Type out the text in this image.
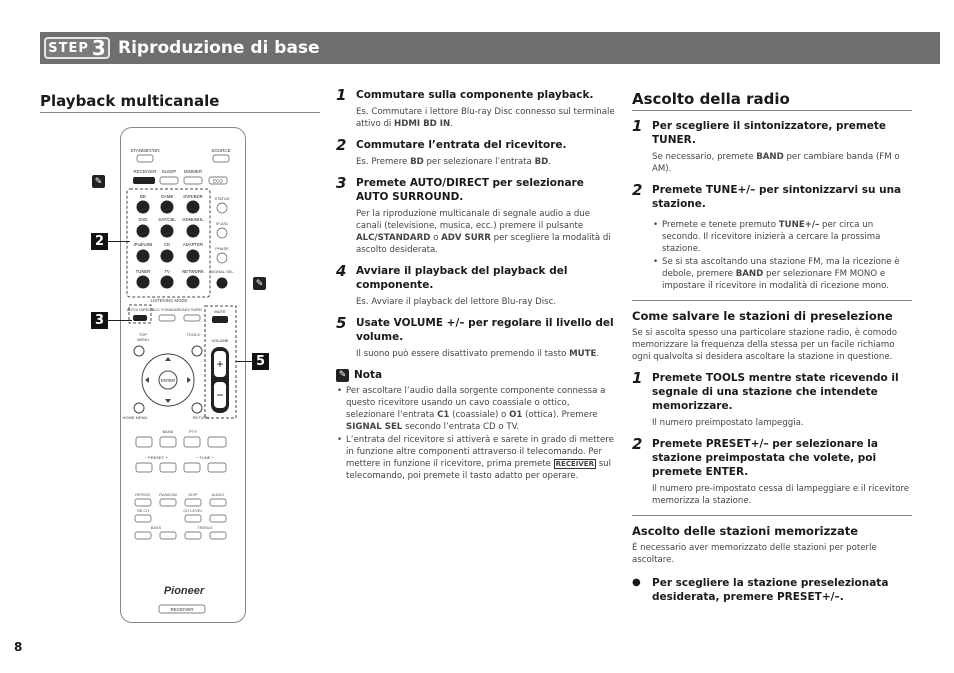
STEP 3 Riproduzione di base
Playback multicanale
STANDBY/ON	SOURCE
RECEIVER SLEEP DIMMER
ECO
BD	GAME DVR/BDR
DVD SAT/CBL HDMI/MHL
iPod/USB	CD	ADAPTER
TUNER	TV	NETWORK
STATUS
iP-A/D
PHASE
SIGNAL SEL
LISTENING MODE
AUTO/ DIRECT
ALC/ STANDARD ADV SURR	MUTE
VOLUME
+
−
TOP
MENU
TOOLS
HOME MENU	RETURN
ENTER
BAND	PTY
− PRESET +	− TUNE +
REPEAT RANDOM	DISP	AUDIO
SB CH	CH LEVEL
BASS	TREBLE
Pioneer
RECEIVER
2
3
5
✎
✎
1 Commutare sulla componente playback.
Es. Commutare i lettore Blu-ray Disc connesso sul terminale attivo di HDMI BD IN.
2 Commutare l’entrata del ricevitore.
Es. Premere BD per selezionare l’entrata BD.
3 Premete AUTO/DIRECT per selezionare AUTO SURROUND.
Per la riproduzione multicanale di segnale audio a due canali (televisione, musica, ecc.) premere il pulsante ALC/STANDARD o ADV SURR per scegliere la modalità di ascolto desiderata.
4 Avviare il playback del playback del componente.
Es. Avviare il playback del lettore Blu-ray Disc.
5 Usate VOLUME +/– per regolare il livello del volume.
Il suono può essere disattivato premendo il tasto MUTE.
✎ Nota
• Per ascoltare l’audio dalla sorgente componente connessa a questo ricevitore usando un cavo coassiale o ottico, selezionare l’entrata C1 (coassiale) o O1 (ottica). Premere SIGNAL SEL secondo l’entrata CD o TV.
• L’entrata del ricevitore si attiverà e sarete in grado di mettere in funzione altre componenti attraverso il telecomando. Per mettere in funzione il ricevitore, prima premete RECEIVER sul telecomando, poi premete il tasto adatto per operare.
Ascolto della radio
1 Per scegliere il sintonizzatore, premete TUNER.
Se necessario, premete BAND per cambiare banda (FM o AM).
2 Premete TUNE+/– per sintonizzarvi su una stazione.
• Premete e tenete premuto TUNE+/– per circa un secondo. Il ricevitore inizierà a cercare la prossima stazione.
• Se si sta ascoltando una stazione FM, ma la ricezione è debole, premere BAND per selezionare FM MONO e impostare il ricevitore in modalità di ricezione mono.
Come salvare le stazioni di preselezione
Se si ascolta spesso una particolare stazione radio, è comodo memorizzare la frequenza della stessa per un facile richiamo ogni qualvolta si desidera ascoltare la stazione in questione.
1 Premete TOOLS mentre state ricevendo il segnale di una stazione che intendete memorizzare.
Il numero preimpostato lampeggia.
2 Premete PRESET+/– per selezionare la stazione preimpostata che volete, poi premete ENTER.
Il numero pre-impostato cessa di lampeggiare e il ricevitore memorizza la stazione.
Ascolto delle stazioni memorizzate
È necessario aver memorizzato delle stazioni per poterle ascoltare.
●	Per scegliere la stazione preselezionata desiderata, premere PRESET+/–.
8
